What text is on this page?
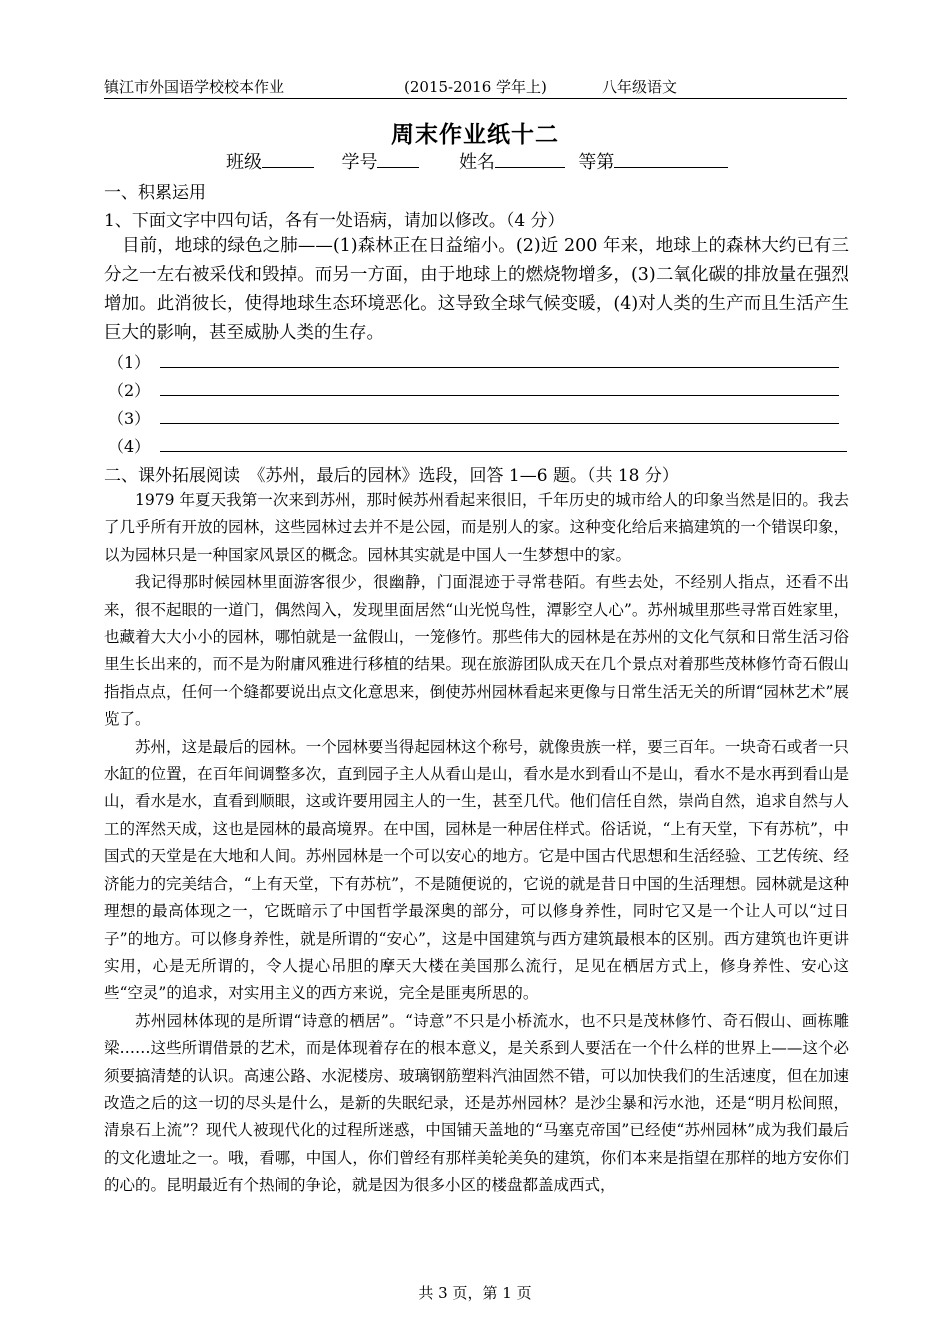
镇江市外国语学校校本作业	(2015-2016 学年上)	八年级语文
周末作业纸十二
班级	学号	姓名	等第
一、积累运用
1、下面文字中四句话，各有一处语病，请加以修改。（4 分）
目前，地球的绿色之肺——(1)森林正在日益缩小。(2)近 200 年来，地球上的森林大约已有三分之一左右被采伐和毁掉。而另一方面，由于地球上的燃烧物增多，(3)二氧化碳的排放量在强烈增加。此消彼长，使得地球生态环境恶化。这导致全球气候变暖，(4)对人类的生产而且生活产生巨大的影响，甚至威胁人类的生存。
（1）
（2）
（3）
（4）
二、课外拓展阅读　《苏州，最后的园林》选段，回答 1—6 题。（共 18 分）

1979 年夏天我第一次来到苏州，那时候苏州看起来很旧，千年历史的城市给人的印象当然是旧的。我去了几乎所有开放的园林，这些园林过去并不是公园，而是别人的家。这种变化给后来搞建筑的一个错误印象，以为园林只是一种国家风景区的概念。园林其实就是中国人一生梦想中的家。

我记得那时候园林里面游客很少，很幽静，门面混迹于寻常巷陌。有些去处，不经别人指点，还看不出来，很不起眼的一道门，偶然闯入，发现里面居然“山光悦鸟性，潭影空人心”。苏州城里那些寻常百姓家里，也藏着大大小小的园林，哪怕就是一盆假山，一笼修竹。那些伟大的园林是在苏州的文化气氛和日常生活习俗里生长出来的，而不是为附庸风雅进行移植的结果。现在旅游团队成天在几个景点对着那些茂林修竹奇石假山指指点点，任何一个缝都要说出点文化意思来，倒使苏州园林看起来更像与日常生活无关的所谓“园林艺术”展览了。

苏州，这是最后的园林。一个园林要当得起园林这个称号，就像贵族一样，要三百年。一块奇石或者一只水缸的位置，在百年间调整多次，直到园子主人从看山是山，看水是水到看山不是山，看水不是水再到看山是山，看水是水，直看到顺眼，这或许要用园主人的一生，甚至几代。他们信任自然，崇尚自然，追求自然与人工的浑然天成，这也是园林的最高境界。在中国，园林是一种居住样式。俗话说，“上有天堂，下有苏杭”，中国式的天堂是在大地和人间。苏州园林是一个可以安心的地方。它是中国古代思想和生活经验、工艺传统、经济能力的完美结合，“上有天堂，下有苏杭”，不是随便说的，它说的就是昔日中国的生活理想。园林就是这种理想的最高体现之一，它既暗示了中国哲学最深奥的部分，可以修身养性，同时它又是一个让人可以“过日子”的地方。可以修身养性，就是所谓的“安心”，这是中国建筑与西方建筑最根本的区别。西方建筑也许更讲实用，心是无所谓的，令人提心吊胆的摩天大楼在美国那么流行，足见在栖居方式上，修身养性、安心这些“空灵”的追求，对实用主义的西方来说，完全是匪夷所思的。

苏州园林体现的是所谓“诗意的栖居”。“诗意”不只是小桥流水，也不只是茂林修竹、奇石假山、画栋雕梁……这些所谓借景的艺术，而是体现着存在的根本意义，是关系到人要活在一个什么样的世界上——这个必须要搞清楚的认识。高速公路、水泥楼房、玻璃钢筋塑料汽油固然不错，可以加快我们的生活速度，但在加速改造之后的这一切的尽头是什么，是新的失眠纪录，还是苏州园林？是沙尘暴和污水池，还是“明月松间照，清泉石上流”？现代人被现代化的过程所迷惑，中国铺天盖地的“马塞克帝国”已经使“苏州园林”成为我们最后的文化遗址之一。哦，看哪，中国人，你们曾经有那样美轮美奂的建筑，你们本来是指望在那样的地方安你们的心的。昆明最近有个热闹的争论，就是因为很多小区的楼盘都盖成西式，

共 3 页，第 1 页
